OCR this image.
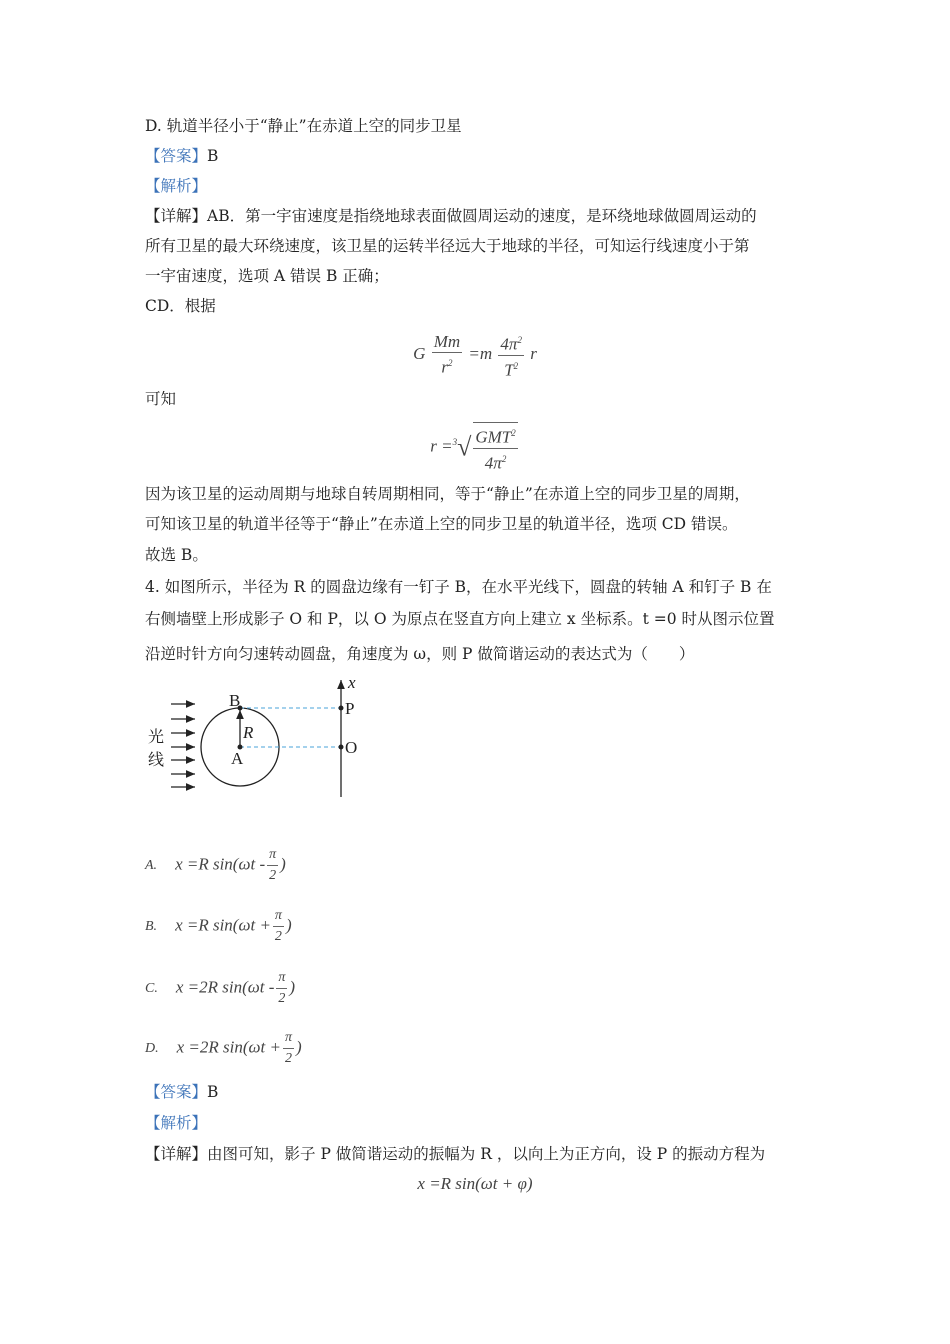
D. 轨道半径小于“静止”在赤道上空的同步卫星
【答案】B
【解析】
【详解】AB．第一宇宙速度是指绕地球表面做圆周运动的速度，是环绕地球做圆周运动的
所有卫星的最大环绕速度，该卫星的运转半径远大于地球的半径，可知运行线速度小于第
一宇宙速度，选项 A 错误 B 正确；
CD．根据
G $\frac{Mm}{r^2} =m \frac{4\pi^2}{T^2}$ r
可知
$r =^3√ \frac{GMT^2}{4\pi^2}$
因为该卫星的运动周期与地球自转周期相同，等于“静止”在赤道上空的同步卫星的周期，
可知该卫星的轨道半径等于“静止”在赤道上空的同步卫星的轨道半径，选项 CD 错误。
故选 B。
4. 如图所示，半径为 R 的圆盘边缘有一钉子 B，在水平光线下，圆盘的转轴 A 和钉子 B 在
右侧墙壁上形成影子 O 和 P，以 O 为原点在竖直方向上建立 x 坐标系。t =0 时从图示位置
沿逆时针方向匀速转动圆盘，角速度为 ω，则 P 做简谐运动的表达式为（　　）
光
线
B
A
R
P
O
x
A. x =R $\sin(\omega t - \frac{\pi}{2}$ )
B. x =R $\sin(\omega t + \frac{\pi}{2}$ )
C. x =2R $\sin(\omega t - \frac{\pi}{2}$ )
D. x =2R $\sin(\omega t + \frac{\pi}{2}$ )
【答案】B
【解析】
【详解】由图可知，影子 P 做简谐运动的振幅为 R ，以向上为正方向，设 P 的振动方程为
x =R sin(ωt + φ)
